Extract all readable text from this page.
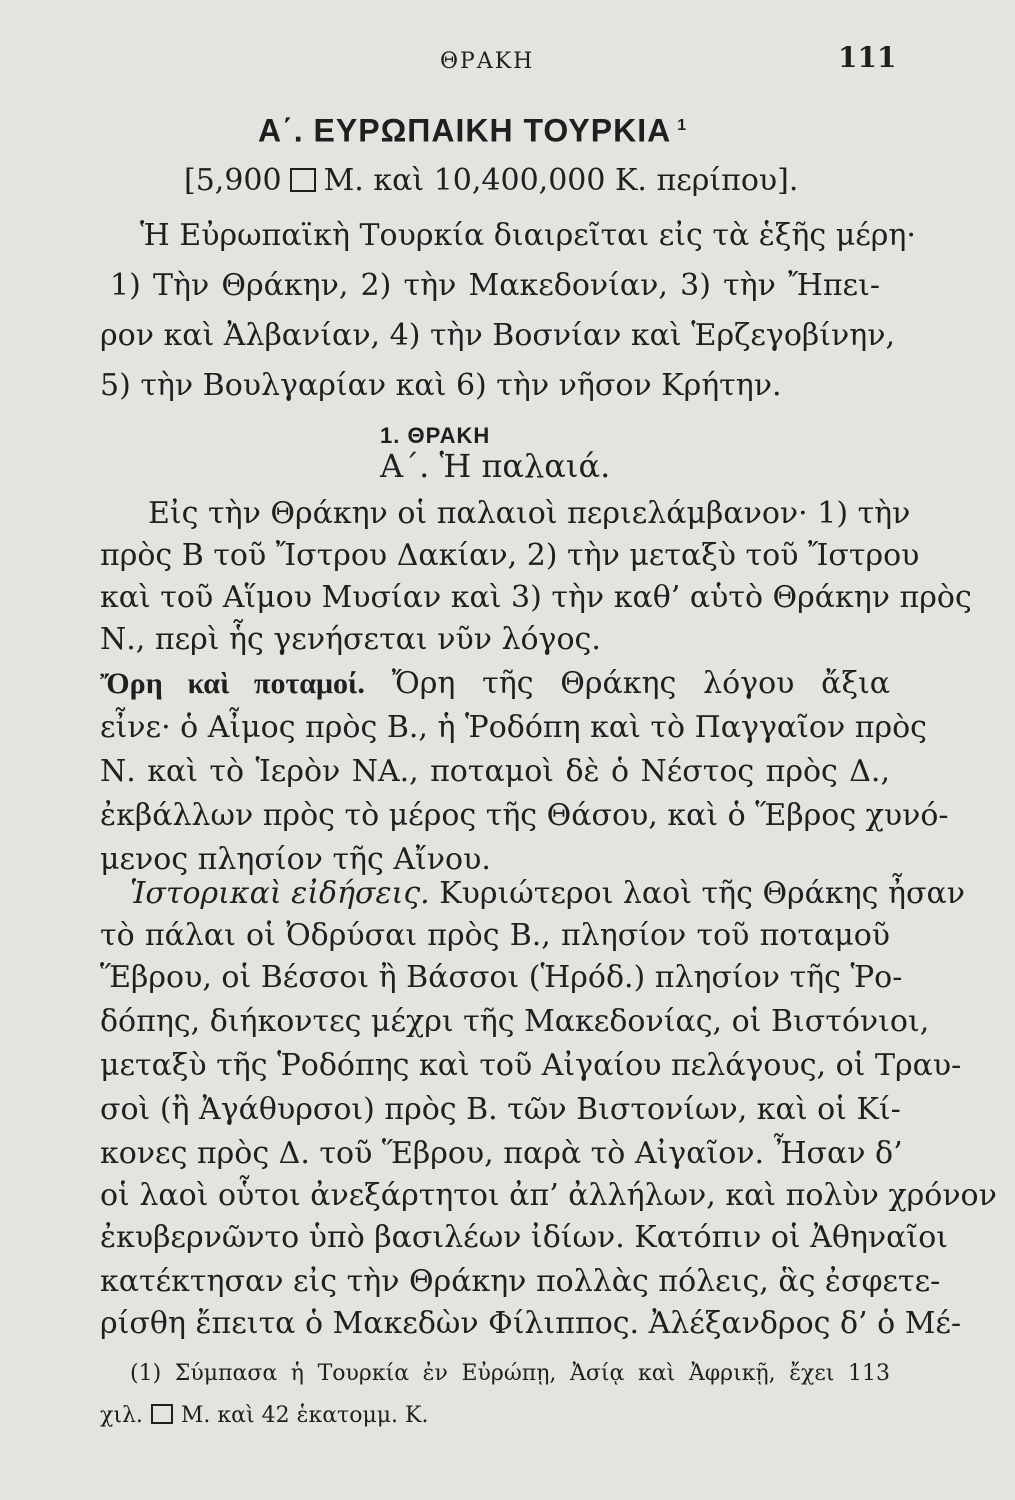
ΘΡΑΚΗ	111
Α΄. ΕΥΡΩΠΑΙΚΗ ΤΟΥΡΚΙΑ $^1$
[5,900 Μ. καὶ 10,400,000 Κ. περίπου].
Ἡ Εὐρωπαϊκὴ Τουρκία διαιρεῖται εἰς τὰ ἑξῆς μέρη·
1) Τὴν Θράκην, 2) τὴν Μακεδονίαν, 3) τὴν Ἤπει-
ρον καὶ Ἀλβανίαν, 4) τὴν Βοσνίαν καὶ Ἑρζεγοβίνην,
5) τὴν Βουλγαρίαν καὶ 6) τὴν νῆσον Κρήτην.
1. ΘΡΑΚΗ
Α΄. Ἡ παλαιά.
Εἰς τὴν Θράκην οἱ παλαιοὶ περιελάμβανον· 1) τὴν
πρὸς Β τοῦ Ἴστρου Δακίαν, 2) τὴν μεταξὺ τοῦ Ἴστρου
καὶ τοῦ Αἵμου Μυσίαν καὶ 3) τὴν καθ’ αὑτὸ Θράκην πρὸς
Ν., περὶ ἧς γενήσεται νῦν λόγος.
Ὄρη καὶ ποταμοί. Ὄρη τῆς Θράκης λόγου ἄξια
εἶνε· ὁ Αἶμος πρὸς Β., ἡ Ῥοδόπη καὶ τὸ Παγγαῖον πρὸς
Ν. καὶ τὸ Ἱερὸν ΝΑ., ποταμοὶ δὲ ὁ Νέστος πρὸς Δ.,
ἐκβάλλων πρὸς τὸ μέρος τῆς Θάσου, καὶ ὁ Ἕβρος χυνό-
μενος πλησίον τῆς Αἴνου.
Ἱστορικαὶ εἰδήσεις. Κυριώτεροι λαοὶ τῆς Θράκης ἦσαν
τὸ πάλαι οἱ Ὀδρύσαι πρὸς Β., πλησίον τοῦ ποταμοῦ
Ἕβρου, οἱ Βέσσοι ἢ Βάσσοι (Ἡρόδ.) πλησίον τῆς Ῥο-
δόπης, διήκοντες μέχρι τῆς Μακεδονίας, οἱ Βιστόνιοι,
μεταξὺ τῆς Ῥοδόπης καὶ τοῦ Αἰγαίου πελάγους, οἱ Τραυ-
σοὶ (ἢ Ἀγάθυρσοι) πρὸς Β. τῶν Βιστονίων, καὶ οἱ Κί-
κονες πρὸς Δ. τοῦ Ἕβρου, παρὰ τὸ Αἰγαῖον. Ἦσαν δ’
οἱ λαοὶ οὗτοι ἀνεξάρτητοι ἀπ’ ἀλλήλων, καὶ πολὺν χρόνον
ἐκυβερνῶντο ὑπὸ βασιλέων ἰδίων. Κατόπιν οἱ Ἀθηναῖοι
κατέκτησαν εἰς τὴν Θράκην πολλὰς πόλεις, ἃς ἐσφετε-
ρίσθη ἔπειτα ὁ Μακεδὼν Φίλιππος. Ἀλέξανδρος δ’ ὁ Μέ-
(1) Σύμπασα ἡ Τουρκία ἐν Εὐρώπῃ, Ἀσίᾳ καὶ Ἀφρικῇ, ἔχει 113
χιλ. Μ. καὶ 42 ἑκατομμ. Κ.
